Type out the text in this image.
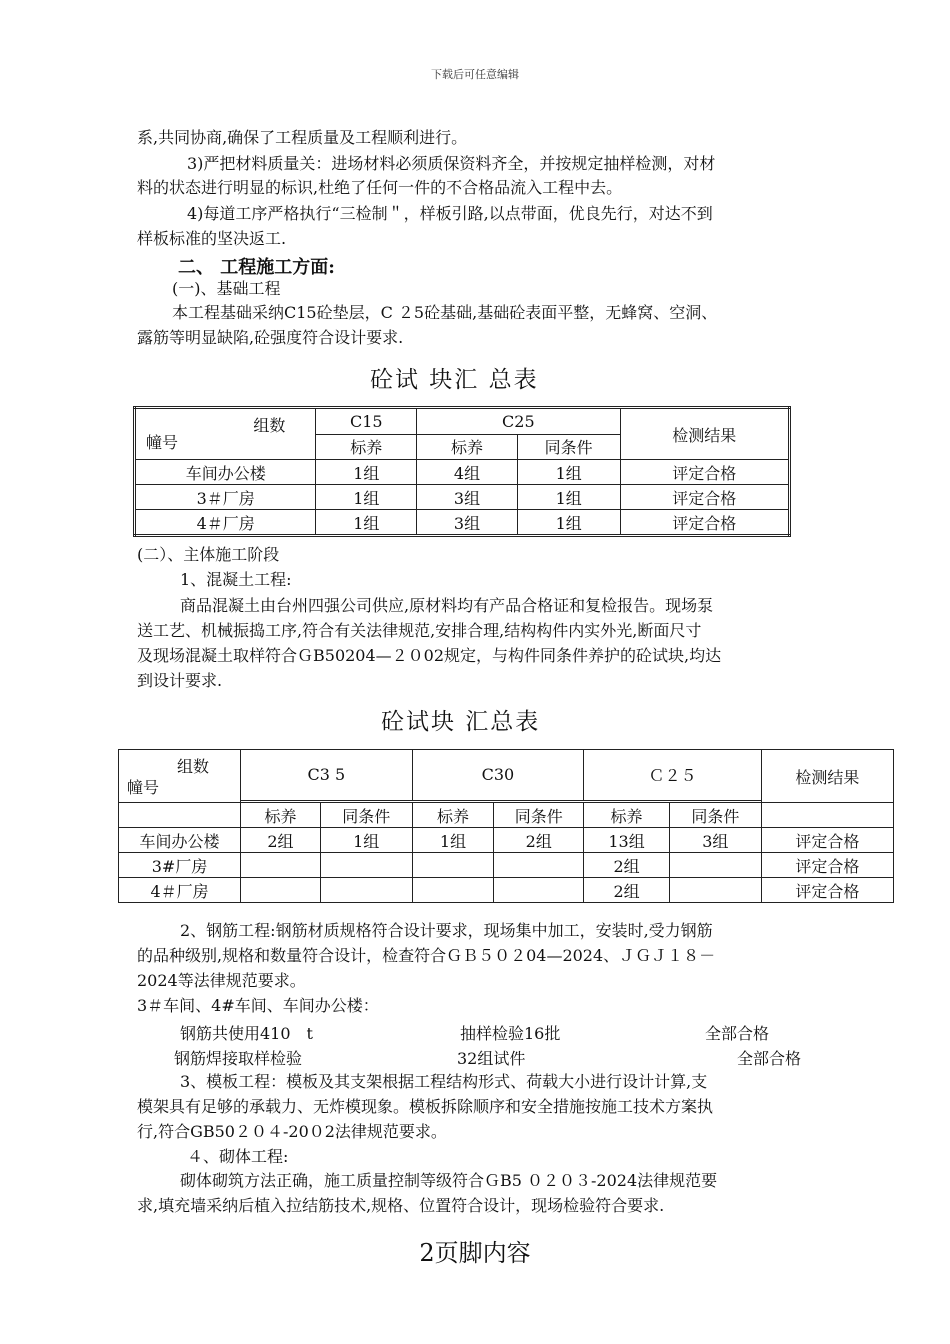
下载后可任意编辑
系,共同协商,确保了工程质量及工程顺利进行。
3)严把材料质量关：进场材料必须质保资料齐全，并按规定抽样检测，对材
料的状态进行明显的标识,杜绝了任何一件的不合格品流入工程中去。
4)每道工序严格执行“三检制＂，样板引路,以点带面，优良先行，对达不到
样板标准的坚决返工.
二、 工程施工方面:
(一)、基础工程
本工程基础采纳C15砼垫层，C ２5砼基础,基础砼表面平整，无蜂窝、空洞、
露筋等明显缺陷,砼强度符合设计要求.
砼试 块汇 总表
组数
幢号	C15	C25		检测结果
	标养	标养	同条件	
车间办公楼	1组	4组	1组	评定合格
3＃厂房	1组	3组	1组	评定合格
4＃厂房	1组	3组	1组	评定合格
(二）、主体施工阶段
1、混凝土工程:
商品混凝土由台州四强公司供应,原材料均有产品合格证和复检报告。现场泵
送工艺、机械振捣工序,符合有关法律规范,安排合理,结构构件内实外光,断面尺寸
及现场混凝土取样符合ＧB50204—２０02规定，与构件同条件养护的砼试块,均达
到设计要求.
砼试块 汇总表
组数
幢号	C3 5		C30		Ｃ２５		检测结果

	标养	同条件	标养	同条件	标养	同条件	
车间办公楼	2组	1组	1组	2组	13组	3组	评定合格
3#厂房					2组		评定合格
4＃厂房					2组		评定合格
2、钢筋工程:钢筋材质规格符合设计要求，现场集中加工，安装时,受力钢筋
的品种级别,规格和数量符合设计，检查符合ＧＢ５０２04—2024、ＪＧＪ１８－
2024等法律规范要求。
3＃车间、4#车间、车间办公楼：
钢筋共使用410　t	抽样检验16批	全部合格
钢筋焊接取样检验	32组试件	全部合格
3、模板工程：模板及其支架根据工程结构形式、荷载大小进行设计计算,支
模架具有足够的承载力、无炸模现象。模板拆除顺序和安全措施按施工技术方案执
行,符合GB50２０４-20０2法律规范要求。
４、砌体工程:
砌体砌筑方法正确，施工质量控制等级符合ＧB5 ０２０３-2024法律规范要
求,填充墙采纳后植入拉结筋技术,规格、位置符合设计，现场检验符合要求.
2页脚内容
